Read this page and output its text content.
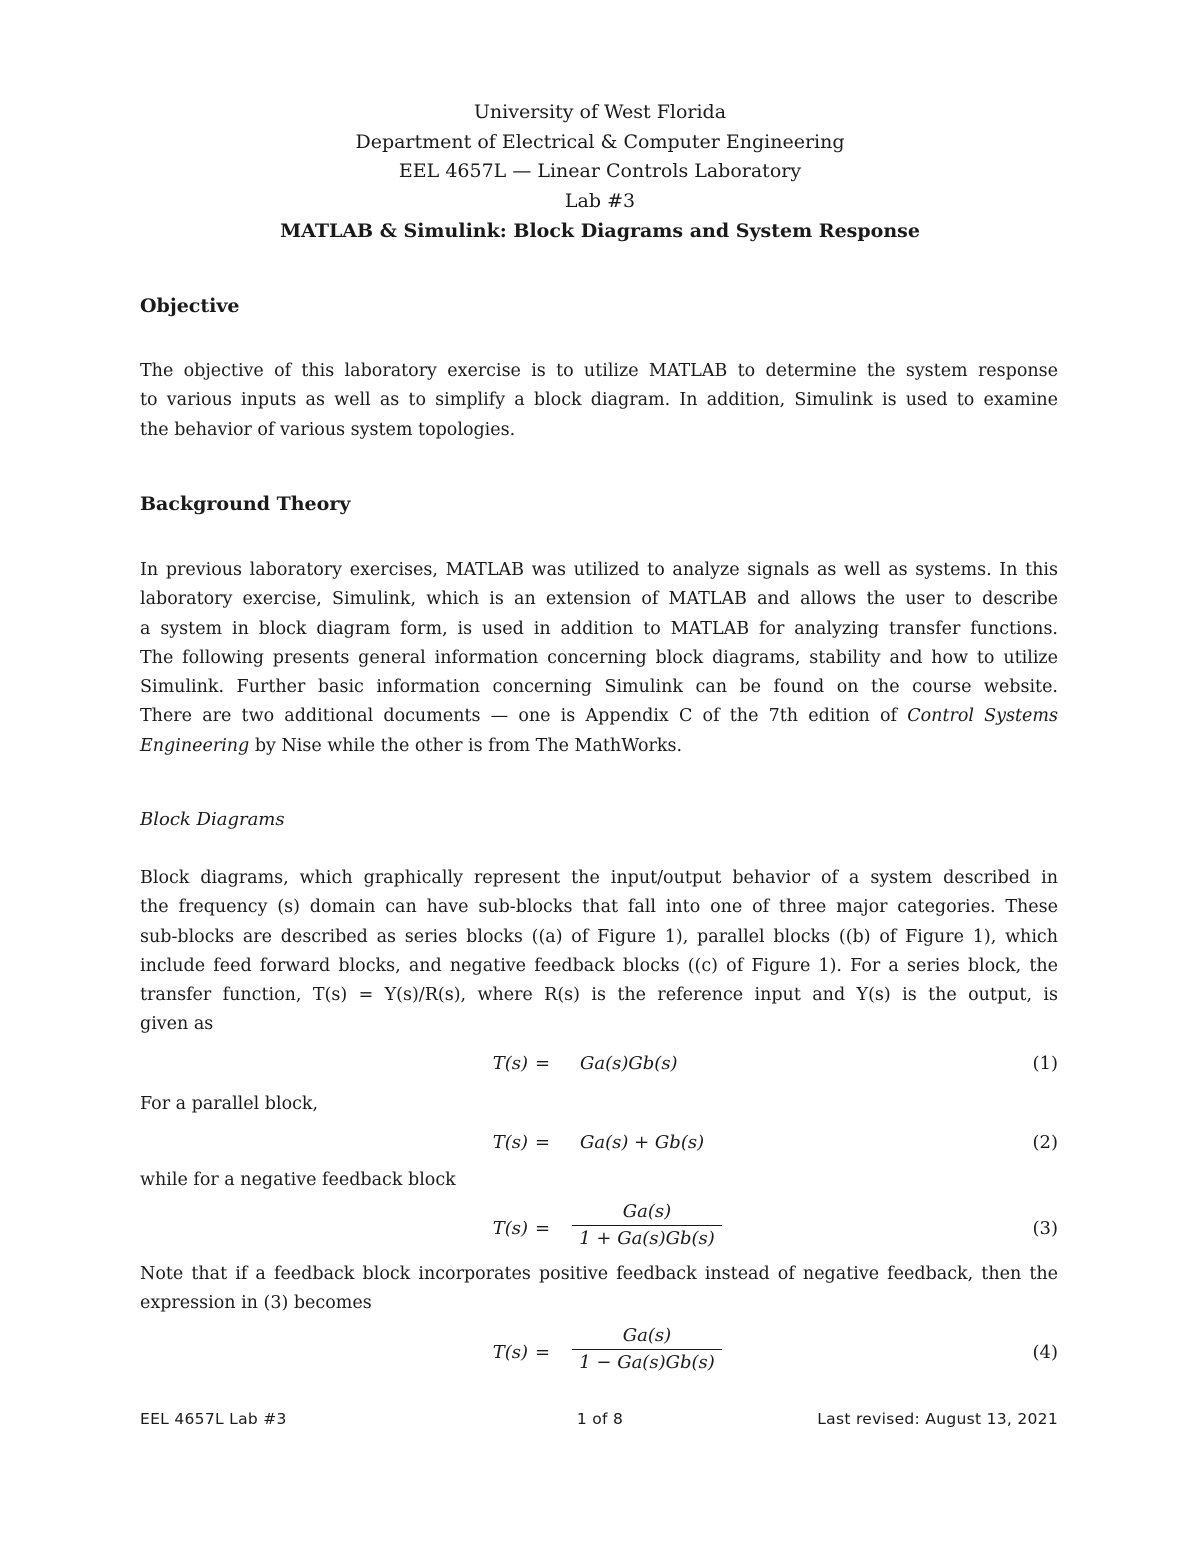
University of West Florida
Department of Electrical & Computer Engineering
EEL 4657L — Linear Controls Laboratory
Lab #3
MATLAB & Simulink: Block Diagrams and System Response
Objective
The objective of this laboratory exercise is to utilize MATLAB to determine the system response
to various inputs as well as to simplify a block diagram. In addition, Simulink is used to examine
the behavior of various system topologies.
Background Theory
In previous laboratory exercises, MATLAB was utilized to analyze signals as well as systems. In this
laboratory exercise, Simulink, which is an extension of MATLAB and allows the user to describe
a system in block diagram form, is used in addition to MATLAB for analyzing transfer functions.
The following presents general information concerning block diagrams, stability and how to utilize
Simulink. Further basic information concerning Simulink can be found on the course website.
There are two additional documents — one is Appendix C of the 7th edition of Control Systems
Engineering by Nise while the other is from The MathWorks.
Block Diagrams
Block diagrams, which graphically represent the input/output behavior of a system described in
the frequency (s) domain can have sub-blocks that fall into one of three major categories. These
sub-blocks are described as series blocks ((a) of Figure 1), parallel blocks ((b) of Figure 1), which
include feed forward blocks, and negative feedback blocks ((c) of Figure 1). For a series block, the
transfer function, T(s) = Y(s)/R(s), where R(s) is the reference input and Y(s) is the output, is
given as
T(s) = Ga(s)Gb(s)	(1)
For a parallel block,
T(s) = Ga(s) + Gb(s)	(2)
while for a negative feedback block
T(s) =
Ga(s)
1 + Ga(s)Gb(s)	(3)
Note that if a feedback block incorporates positive feedback instead of negative feedback, then the
expression in (3) becomes
T(s) =
Ga(s)
1 − Ga(s)Gb(s)	(4)
EEL 4657L Lab #3	1 of 8	Last revised: August 13, 2021
